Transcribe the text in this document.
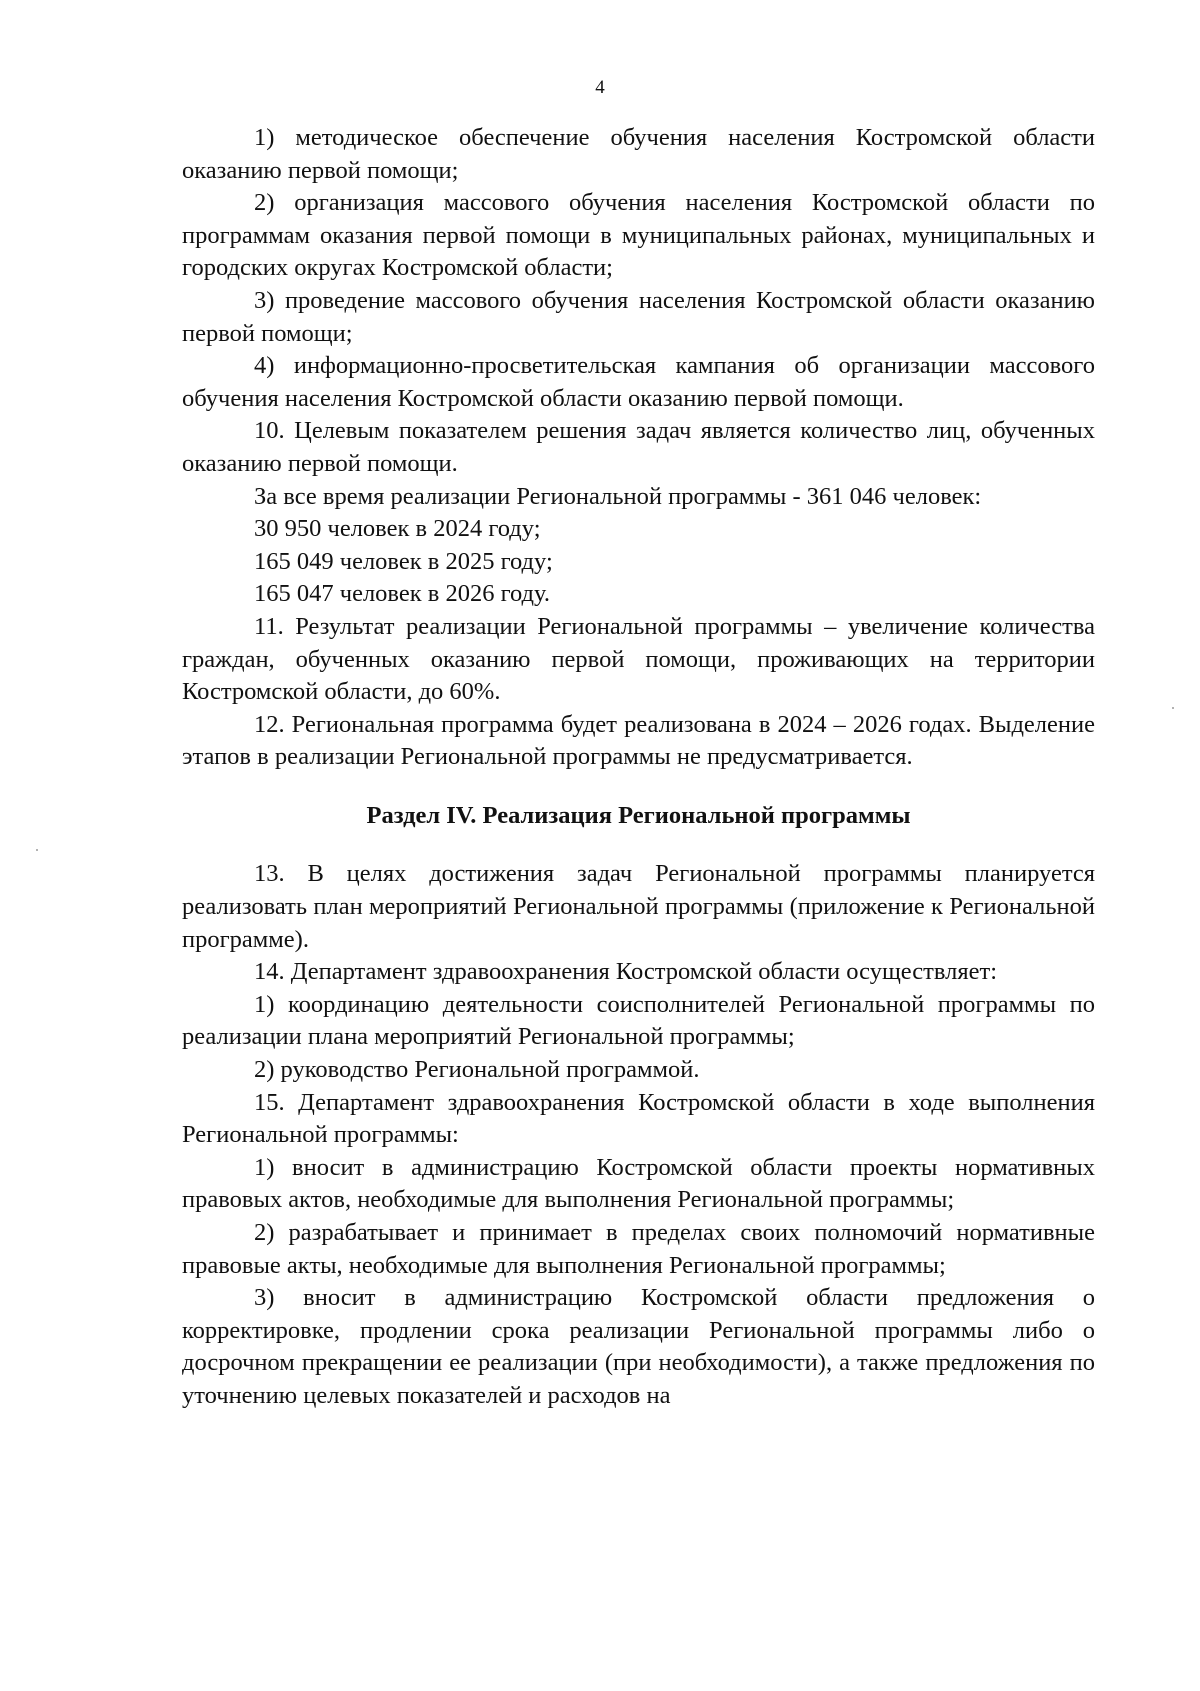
4

1) методическое обеспечение обучения населения Костромской области оказанию первой помощи;

2) организация массового обучения населения Костромской области по программам оказания первой помощи в муниципальных районах, муниципальных и городских округах Костромской области;

3) проведение массового обучения населения Костромской области оказанию первой помощи;

4) информационно-просветительская кампания об организации массового обучения населения Костромской области оказанию первой помощи.

10. Целевым показателем решения задач является количество лиц, обученных оказанию первой помощи.

За все время реализации Региональной программы - 361 046 человек:

30 950 человек в 2024 году;

165 049 человек в 2025 году;

165 047 человек в 2026 году.

11. Результат реализации Региональной программы – увеличение количества граждан, обученных оказанию первой помощи, проживающих на территории Костромской области, до 60%.

12. Региональная программа будет реализована в 2024 – 2026 годах. Выделение этапов в реализации Региональной программы не предусматривается.

Раздел IV. Реализация Региональной программы

13. В целях достижения задач Региональной программы планируется реализовать план мероприятий Региональной программы (приложение к Региональной программе).

14. Департамент здравоохранения Костромской области осуществляет:

1) координацию деятельности соисполнителей Региональной программы по реализации плана мероприятий Региональной программы;

2) руководство Региональной программой.

15. Департамент здравоохранения Костромской области в ходе выполнения Региональной программы:

1) вносит в администрацию Костромской области проекты нормативных правовых актов, необходимые для выполнения Региональной программы;

2) разрабатывает и принимает в пределах своих полномочий нормативные правовые акты, необходимые для выполнения Региональной программы;

3) вносит в администрацию Костромской области предложения о корректировке, продлении срока реализации Региональной программы либо о досрочном прекращении ее реализации (при необходимости), а также предложения по уточнению целевых показателей и расходов на
